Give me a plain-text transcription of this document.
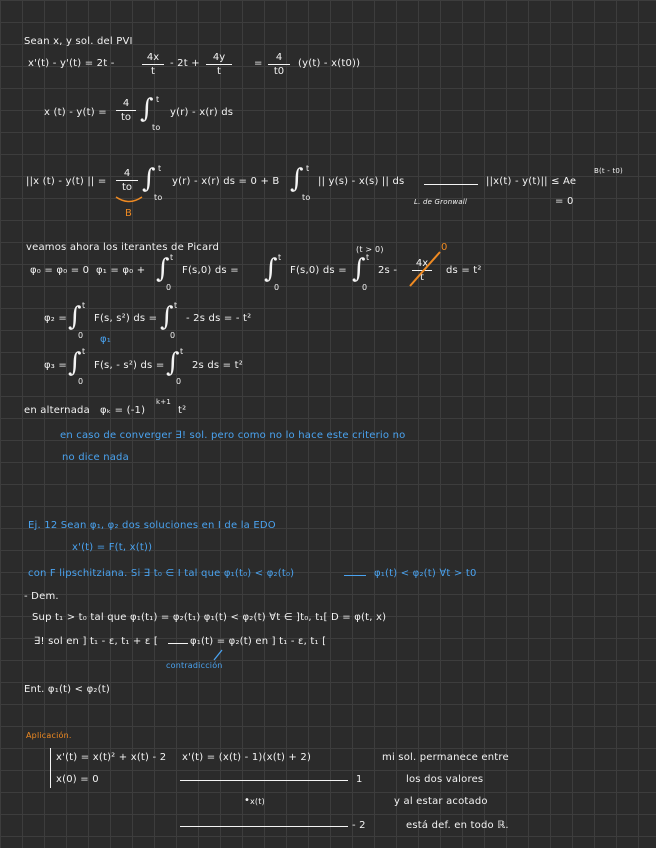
Sean x, y sol. del PVI
x'(t) - y'(t) = 2t -
4x
t
- 2t +
4y
t
=
4
t0
(y(t) - x(t0))
x (t) - y(t) =
4
to ∫ t
to
y(r) - x(r) ds
||x (t) - y(t) || =
4
to
B
∫ t
to
y(r) - x(r) ds = 0 + B ∫ t
to
|| y(s) - x(s) || ds
L. de Gronwall
||x(t) - y(t)|| ≤ Ae
B(t - t0)
= 0
veamos ahora los iterantes de Picard	(t > 0)
φ₀ = φ₀ = 0 φ₁ = φ₀ + ∫ t
0
F(s,0) ds = ∫ t
0
F(s,0) ds = ∫ t
0
2s -
4x
t
0
ds = t²
φ₂ = ∫ t
0
F(s, s²) ds = ∫ t
0
- 2s ds = - t²
φ₁
φ₃ = ∫ t
0
F(s, - s²) ds = ∫ t
0
2s ds = t²
en alternada φₖ = (-1)
k+1
t²
en caso de converger ∃! sol. pero como no lo hace este criterio no
no dice nada
Ej. 12 Sean φ₁, φ₂ dos soluciones en I de la EDO
x'(t) = F(t, x(t))
con F lipschitziana. Si ∃ t₀ ∈ I tal que φ₁(t₀) < φ₂(t₀)	φ₁(t) < φ₂(t) ∀t > t0
- Dem.
Sup t₁ > t₀ tal que φ₁(t₁) = φ₂(t₁) φ₁(t) < φ₂(t) ∀t ∈ ]t₀, t₁[ D = φ(t, x)
∃! sol en ] t₁ - ε, t₁ + ε [	φ₁(t) = φ₂(t) en ] t₁ - ε, t₁ [
contradicción
Ent. φ₁(t) < φ₂(t)
Aplicación.
x'(t) = x(t)² + x(t) - 2 x'(t) = (x(t) - 1)(x(t) + 2)	mi sol. permanece entre
x(0) = 0	1	los dos valores
x(t)
•	y al estar acotado
- 2	está def. en todo ℝ.
